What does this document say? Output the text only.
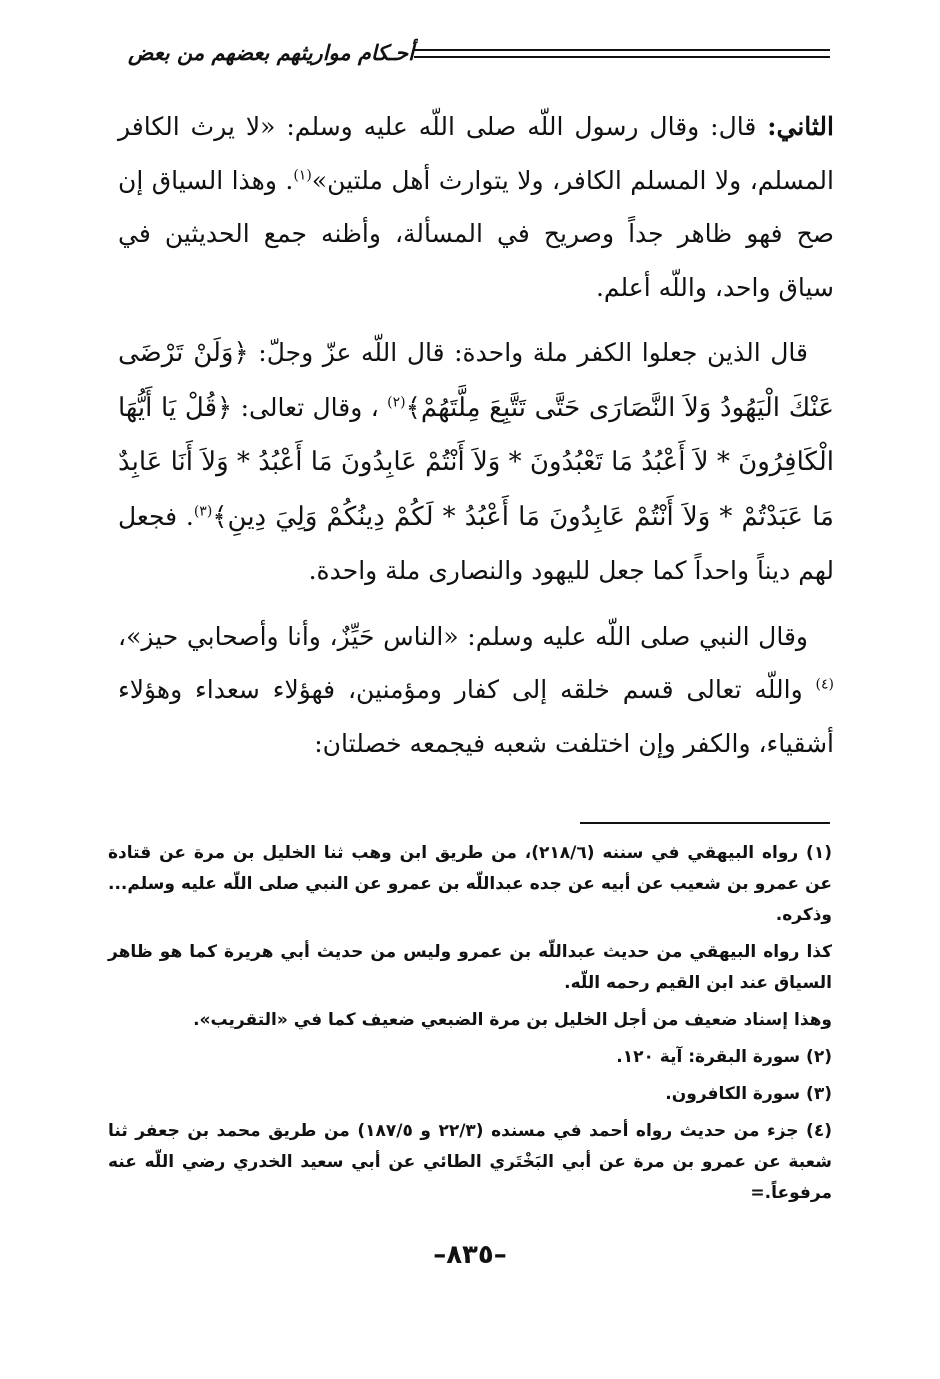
أحـكام مواريثهم بعضهم من بعض

الثاني: قال: وقال رسول اللّه صلى اللّه عليه وسلم: «لا يرث الكافر المسلم، ولا المسلم الكافر، ولا يتوارث أهل ملتين»$^{(١)}$. وهذا السياق إن صح فهو ظاهر جداً وصريح في المسألة، وأظنه جمع الحديثين في سياق واحد، واللّه أعلم.

قال الذين جعلوا الكفر ملة واحدة: قال اللّه عزّ وجلّ: ﴿وَلَنْ تَرْضَى عَنْكَ الْيَهُودُ وَلاَ النَّصَارَى حَتَّى تَتَّبِعَ مِلَّتَهُمْ﴾$^{(٢)}$ ، وقال تعالى: ﴿قُلْ يَا أَيُّهَا الْكَافِرُونَ * لاَ أَعْبُدُ مَا تَعْبُدُونَ * وَلاَ أَنْتُمْ عَابِدُونَ مَا أَعْبُدُ * وَلاَ أَنَا عَابِدٌ مَا عَبَدْتُمْ * وَلاَ أَنْتُمْ عَابِدُونَ مَا أَعْبُدُ * لَكُمْ دِينُكُمْ وَلِيَ دِينِ﴾$^{(٣)}$. فجعل لهم ديناً واحداً كما جعل لليهود والنصارى ملة واحدة.

وقال النبي صلى اللّه عليه وسلم: «الناس حَيِّزٌ، وأنا وأصحابي حيز»،$^{(٤)}$ واللّه تعالى قسم خلقه إلى كفار ومؤمنين، فهؤلاء سعداء وهؤلاء أشقياء، والكفر وإن اختلفت شعبه فيجمعه خصلتان:

(١) رواه البيهقي في سننه (٢١٨/٦)، من طريق ابن وهب ثنا الخليل بن مرة عن قتادة عن عمرو بن شعيب عن أبيه عن جده عبداللّه بن عمرو عن النبي صلى اللّه عليه وسلم... وذكره.

كذا رواه البيهقي من حديث عبداللّه بن عمرو وليس من حديث أبي هريرة كما هو ظاهر السياق عند ابن القيم رحمه اللّه.

وهذا إسناد ضعيف من أجل الخليل بن مرة الضبعي ضعيف كما في «التقريب».

(٢) سورة البقرة: آية ١٢٠.

(٣) سورة الكافرون.

(٤) جزء من حديث رواه أحمد في مسنده (٢٢/٣ و ١٨٧/٥) من طريق محمد بن جعفر ثنا شعبة عن عمرو بن مرة عن أبي البَخْتَري الطائي عن أبي سعيد الخدري رضي اللّه عنه مرفوعاً.=

–٨٣٥–
